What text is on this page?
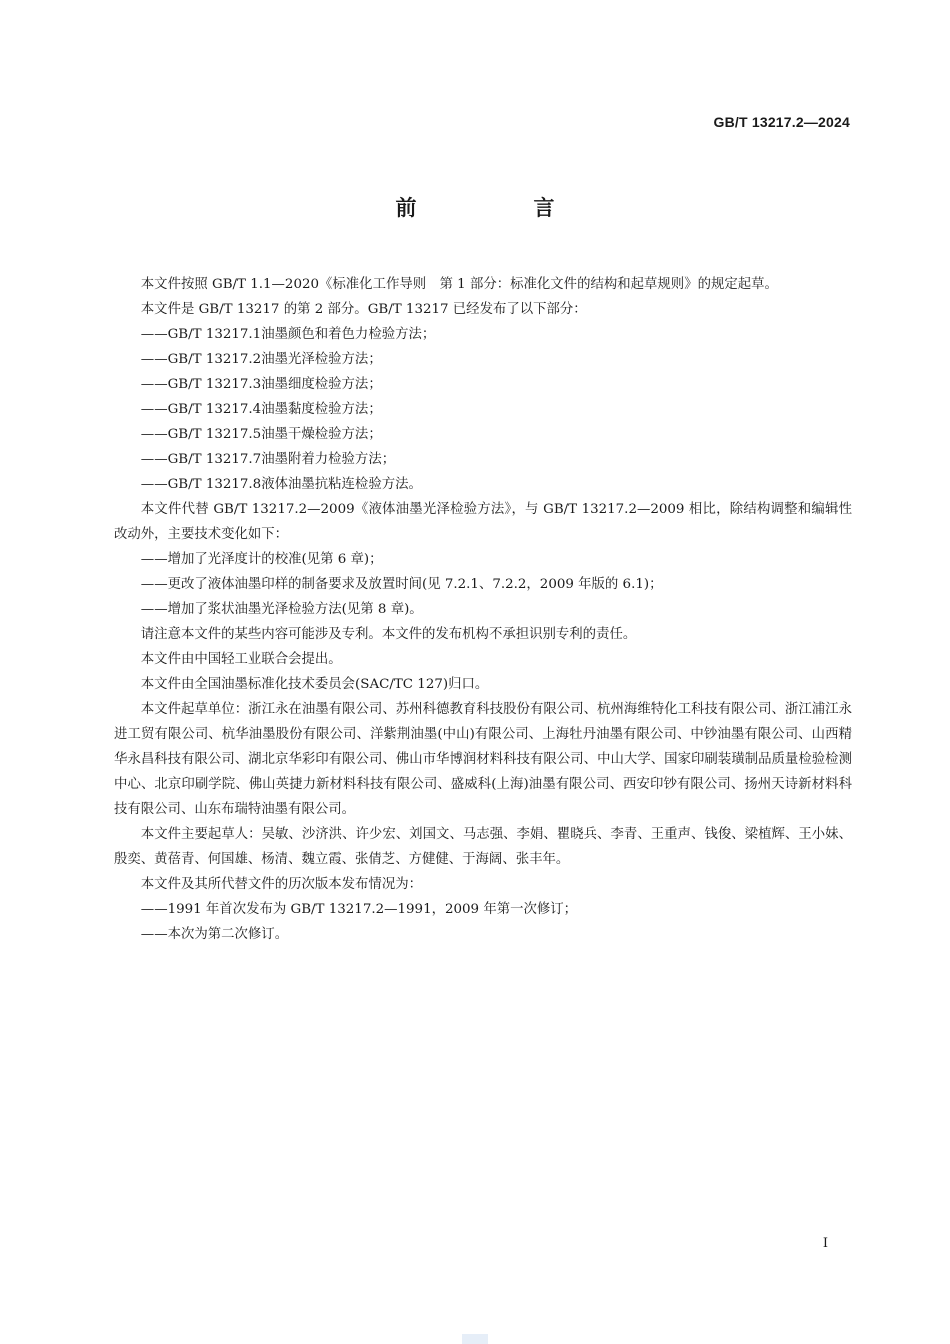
GB/T 13217.2—2024
前　言

本文件按照 GB/T 1.1—2020《标准化工作导则　第 1 部分：标准化文件的结构和起草规则》的规定起草。

本文件是 GB/T 13217 的第 2 部分。GB/T 13217 已经发布了以下部分：

——GB/T 13217.1油墨颜色和着色力检验方法；

——GB/T 13217.2油墨光泽检验方法；

——GB/T 13217.3油墨细度检验方法；

——GB/T 13217.4油墨黏度检验方法；

——GB/T 13217.5油墨干燥检验方法；

——GB/T 13217.7油墨附着力检验方法；

——GB/T 13217.8液体油墨抗粘连检验方法。

本文件代替 GB/T 13217.2—2009《液体油墨光泽检验方法》，与 GB/T 13217.2—2009 相比，除结构调整和编辑性改动外，主要技术变化如下：

——增加了光泽度计的校准(见第 6 章)；

——更改了液体油墨印样的制备要求及放置时间(见 7.2.1、7.2.2，2009 年版的 6.1)；

——增加了浆状油墨光泽检验方法(见第 8 章)。

请注意本文件的某些内容可能涉及专利。本文件的发布机构不承担识别专利的责任。

本文件由中国轻工业联合会提出。

本文件由全国油墨标准化技术委员会(SAC/TC 127)归口。

本文件起草单位：浙江永在油墨有限公司、苏州科德教育科技股份有限公司、杭州海维特化工科技有限公司、浙江浦江永进工贸有限公司、杭华油墨股份有限公司、洋紫荆油墨(中山)有限公司、上海牡丹油墨有限公司、中钞油墨有限公司、山西精华永昌科技有限公司、湖北京华彩印有限公司、佛山市华博润材料科技有限公司、中山大学、国家印刷装璜制品质量检验检测中心、北京印刷学院、佛山英捷力新材料科技有限公司、盛威科(上海)油墨有限公司、西安印钞有限公司、扬州天诗新材料科技有限公司、山东布瑞特油墨有限公司。

本文件主要起草人：吴敏、沙济洪、许少宏、刘国文、马志强、李娟、瞿晓兵、李青、王重声、钱俊、梁植辉、王小妹、殷奕、黄蓓青、何国雄、杨清、魏立霞、张倩芝、方健健、于海阔、张丰年。

本文件及其所代替文件的历次版本发布情况为：

——1991 年首次发布为 GB/T 13217.2—1991，2009 年第一次修订；

——本次为第二次修订。

I
